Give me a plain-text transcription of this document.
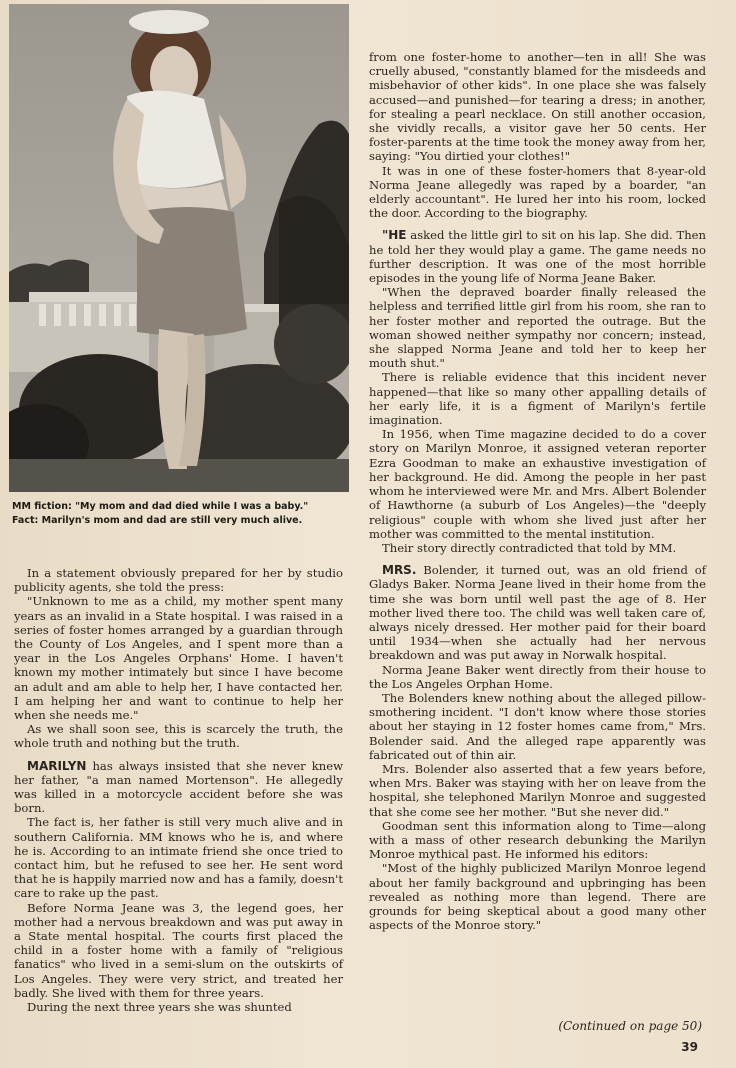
MM fiction: "My mom and dad died while I was a baby."
Fact: Marilyn's mom and dad are still very much alive.

In a statement obviously prepared for her by studio publicity agents, she told the press:

"Unknown to me as a child, my mother spent many years as an invalid in a State hospital. I was raised in a series of foster homes arranged by a guardian through the County of Los Angeles, and I spent more than a year in the Los Angeles Orphans' Home. I haven't known my mother intimately but since I have become an adult and am able to help her, I have contacted her. I am helping her and want to continue to help her when she needs me."

As we shall soon see, this is scarcely the truth, the whole truth and nothing but the truth.

MARILYN has always insisted that she never knew her father, "a man named Mortenson". He allegedly was killed in a motorcycle accident before she was born.

The fact is, her father is still very much alive and in southern California. MM knows who he is, and where he is. According to an intimate friend she once tried to contact him, but he refused to see her. He sent word that he is happily married now and has a family, doesn't care to rake up the past.

Before Norma Jeane was 3, the legend goes, her mother had a nervous breakdown and was put away in a State mental hospital. The courts first placed the child in a foster home with a family of "religious fanatics" who lived in a semi-slum on the outskirts of Los Angeles. They were very strict, and treated her badly. She lived with them for three years.

During the next three years she was shunted

from one foster-home to another—ten in all! She was cruelly abused, "constantly blamed for the misdeeds and misbehavior of other kids". In one place she was falsely accused—and punished—for tearing a dress; in another, for stealing a pearl necklace. On still another occasion, she vividly recalls, a visitor gave her 50 cents. Her foster-parents at the time took the money away from her, saying: "You dirtied your clothes!"

It was in one of these foster-homers that 8-year-old Norma Jeane allegedly was raped by a boarder, "an elderly accountant". He lured her into his room, locked the door. According to the biography.

"HE asked the little girl to sit on his lap. She did. Then he told her they would play a game. The game needs no further description. It was one of the most horrible episodes in the young life of Norma Jeane Baker.

"When the depraved boarder finally released the helpless and terrified little girl from his room, she ran to her foster mother and reported the outrage. But the woman showed neither sympathy nor concern; instead, she slapped Norma Jeane and told her to keep her mouth shut."

There is reliable evidence that this incident never happened—that like so many other appalling details of her early life, it is a figment of Marilyn's fertile imagination.

In 1956, when Time magazine decided to do a cover story on Marilyn Monroe, it assigned veteran reporter Ezra Goodman to make an exhaustive investigation of her background. He did. Among the people in her past whom he interviewed were Mr. and Mrs. Albert Bolender of Hawthorne (a suburb of Los Angeles)—the "deeply religious" couple with whom she lived just after her mother was committed to the mental institution.

Their story directly contradicted that told by MM.

MRS. Bolender, it turned out, was an old friend of Gladys Baker. Norma Jeane lived in their home from the time she was born until well past the age of 8. Her mother lived there too. The child was well taken care of, always nicely dressed. Her mother paid for their board until 1934—when she actually had her nervous breakdown and was put away in Norwalk hospital.

Norma Jeane Baker went directly from their house to the Los Angeles Orphan Home.

The Bolenders knew nothing about the alleged pillow-smothering incident. "I don't know where those stories about her staying in 12 foster homes came from," Mrs. Bolender said. And the alleged rape apparently was fabricated out of thin air.

Mrs. Bolender also asserted that a few years before, when Mrs. Baker was staying with her on leave from the hospital, she telephoned Marilyn Monroe and suggested that she come see her mother. "But she never did."

Goodman sent this information along to Time—along with a mass of other research debunking the Marilyn Monroe mythical past. He informed his editors:

"Most of the highly publicized Marilyn Monroe legend about her family background and upbringing has been revealed as nothing more than legend. There are grounds for being skeptical about a good many other aspects of the Monroe story."

(Continued on page 50)
39
